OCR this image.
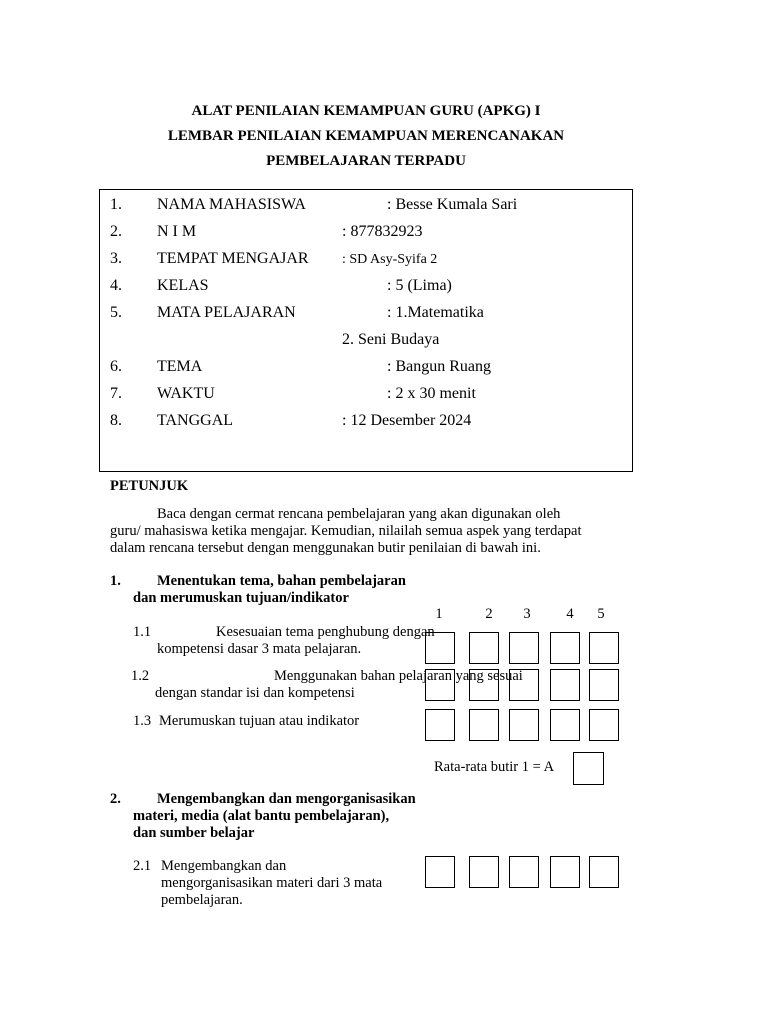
ALAT PENILAIAN KEMAMPUAN GURU (APKG) I
LEMBAR PENILAIAN KEMAMPUAN MERENCANAKAN
PEMBELAJARAN TERPADU
1. NAMA MAHASISWA	: Besse Kumala Sari
2. N I M	: 877832923
3. TEMPAT MENGAJAR : SD Asy-Syifa 2
4. KELAS	: 5 (Lima)
5. MATA PELAJARAN	: 1.Matematika
2. Seni Budaya
6. TEMA	: Bangun Ruang
7. WAKTU	: 2 x 30 menit
8. TANGGAL	: 12 Desember 2024
PETUNJUK
Baca dengan cermat rencana pembelajaran yang akan digunakan oleh
guru/ mahasiswa ketika mengajar. Kemudian, nilailah semua aspek yang terdapat
dalam rencana tersebut dengan menggunakan butir penilaian di bawah ini.
1. Menentukan tema, bahan pembelajaran
dan merumuskan tujuan/indikator
1	2 3 4 5
1.1	Kesesuaian tema penghubung dengan
kompetensi dasar 3 mata pelajaran.
1.2	Menggunakan bahan pelajaran yang sesuai
dengan standar isi dan kompetensi
1.3 Merumuskan tujuan atau indikator
Rata-rata butir 1 = A
2. Mengembangkan dan mengorganisasikan
materi, media (alat bantu pembelajaran),
dan sumber belajar
2.1 Mengembangkan dan
mengorganisasikan materi dari 3 mata
pembelajaran.
